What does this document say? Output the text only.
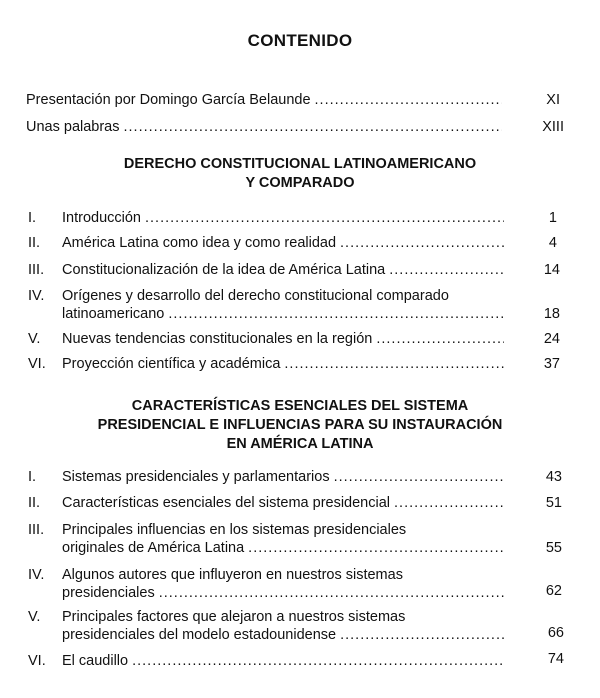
CONTENIDO
Presentación por Domingo García Belaunde .....	XI
Unas palabras .....	XIII
DERECHO CONSTITUCIONAL LATINOAMERICANO
Y COMPARADO
I. Introducción .....	1
II. América Latina como idea y como realidad .....	4
III. Constitucionalización de la idea de América Latina .....	14
IV. Orígenes y desarrollo del derecho constitucional comparado
latinoamericano .....	18
V. Nuevas tendencias constitucionales en la región .....	24
VI. Proyección científica y académica .....	37
CARACTERÍSTICAS ESENCIALES DEL SISTEMA
PRESIDENCIAL E INFLUENCIAS PARA SU INSTAURACIÓN
EN AMÉRICA LATINA
I. Sistemas presidenciales y parlamentarios .....	43
II. Características esenciales del sistema presidencial .....	51
III. Principales influencias en los sistemas presidenciales
originales de América Latina .....	55
IV. Algunos autores que influyeron en nuestros sistemas
presidenciales .....	62
V. Principales factores que alejaron a nuestros sistemas
presidenciales del modelo estadounidense .....	66
VI. El caudillo .....	74
